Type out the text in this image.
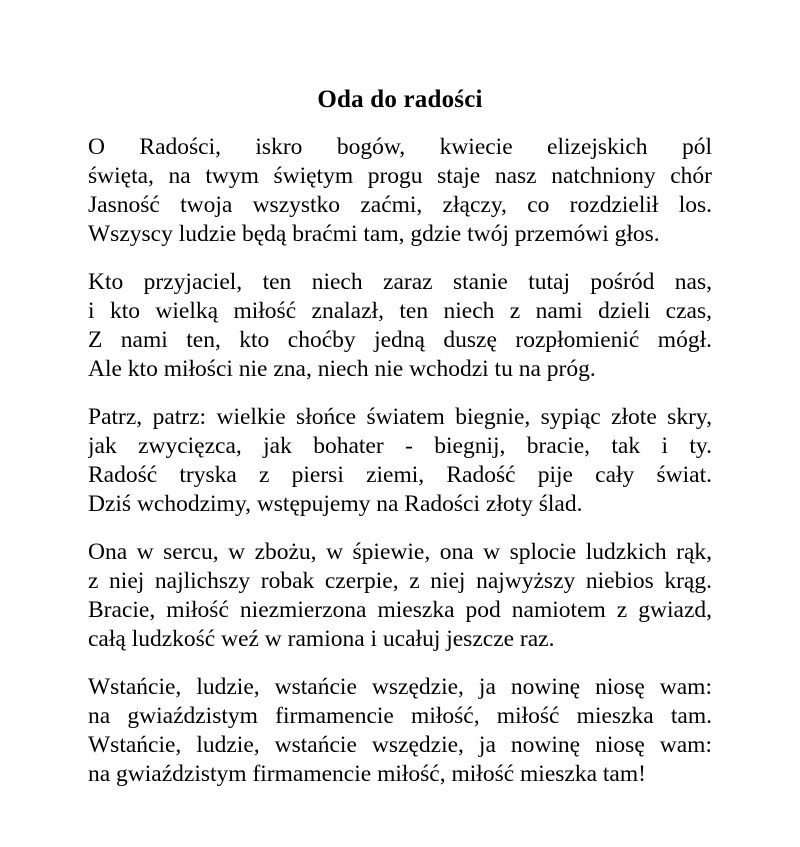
Oda do radości
O Radości, iskro bogów, kwiecie elizejskich pól
święta, na twym świętym progu staje nasz natchniony chór
Jasność twoja wszystko zaćmi, złączy, co rozdzielił los.
Wszyscy ludzie będą braćmi tam, gdzie twój przemówi głos.
Kto przyjaciel, ten niech zaraz stanie tutaj pośród nas,
i kto wielką miłość znalazł, ten niech z nami dzieli czas,
Z nami ten, kto choćby jedną duszę rozpłomienić mógł.
Ale kto miłości nie zna, niech nie wchodzi tu na próg.
Patrz, patrz: wielkie słońce światem biegnie, sypiąc złote skry,
jak zwycięzca, jak bohater - biegnij, bracie, tak i ty.
Radość tryska z piersi ziemi, Radość pije cały świat.
Dziś wchodzimy, wstępujemy na Radości złoty ślad.
Ona w sercu, w zbożu, w śpiewie, ona w splocie ludzkich rąk,
z niej najlichszy robak czerpie, z niej najwyższy niebios krąg.
Bracie, miłość niezmierzona mieszka pod namiotem z gwiazd,
całą ludzkość weź w ramiona i ucałuj jeszcze raz.
Wstańcie, ludzie, wstańcie wszędzie, ja nowinę niosę wam:
na gwiaździstym firmamencie miłość, miłość mieszka tam.
Wstańcie, ludzie, wstańcie wszędzie, ja nowinę niosę wam:
na gwiaździstym firmamencie miłość, miłość mieszka tam!
